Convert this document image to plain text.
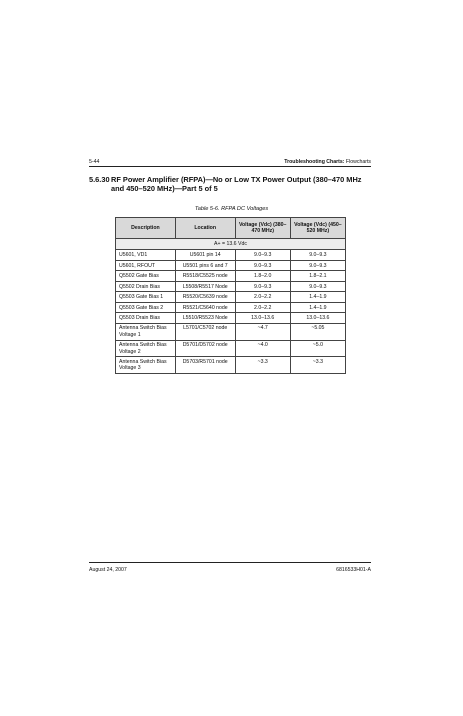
5-44	Troubleshooting Charts: Flowcharts
5.6.30 RF Power Amplifier (RFPA)—No or Low TX Power Output (380–470 MHz and 450–520 MHz)—Part 5 of 5
Table 5-6. RFPA DC Voltages
Description	Location	Voltage (Vdc) (380–470 MHz)	Voltage (Vdc) (450–520 MHz)
A+ = 13.6 Vdc			
U5601, VD1	U5601 pin 14	9.0–9.3	9.0–9.3
U5601, RFOUT	U5501 pins 6 and 7	9.0–9.3	9.0–9.3
Q5502 Gate Bias	R5518/C5525 node	1.8–2.0	1.8–2.1
Q5502 Drain Bias	L5508/R5517 Node	9.0–9.3	9.0–9.3
Q5503 Gate Bias 1	R5520/C5639 node	2.0–2.2	1.4–1.9
Q5503 Gate Bias 2	R5521/C5640 node	2.0–2.2	1.4–1.9
Q5503 Drain Bias	L5510/R5523 Node	13.0–13.6	13.0–13.6
Antenna Switch Bias Voltage 1	L5701/C5702 node	~4.7	~5.05
Antenna Switch Bias Voltage 2	D5701/D5702 node	~4.0	~5.0
Antenna Switch Bias Voltage 3	D5703/R5701 node	~3.3	~3.3
August 24, 2007	6816533H01-A
